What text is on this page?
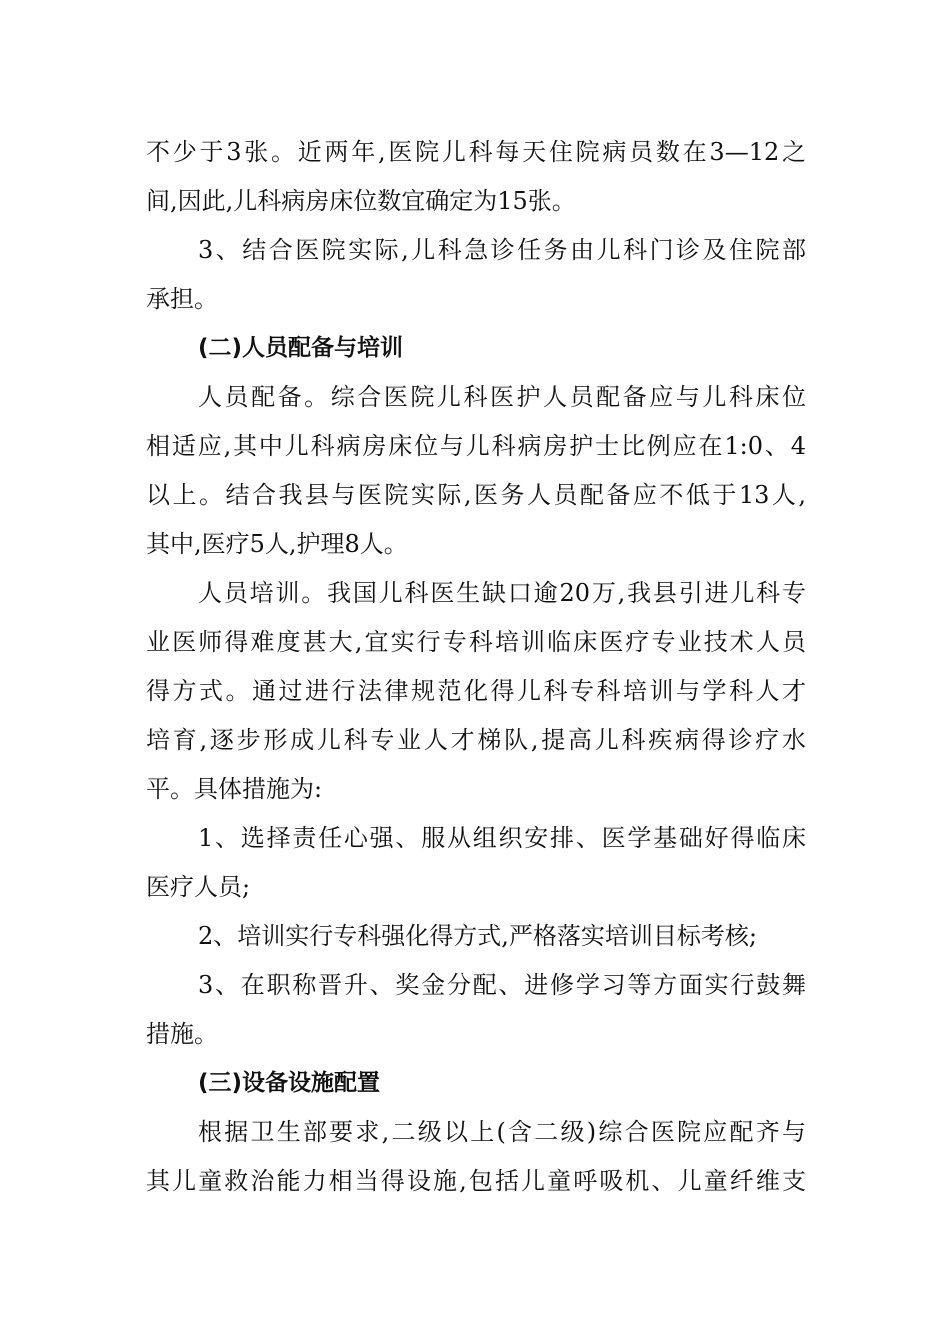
不少于3张。近两年,医院儿科每天住院病员数在3—12之
间,因此,儿科病房床位数宜确定为15张。
3、结合医院实际,儿科急诊任务由儿科门诊及住院部
承担。
(二)人员配备与培训
人员配备。综合医院儿科医护人员配备应与儿科床位
相适应,其中儿科病房床位与儿科病房护士比例应在1:0、4
以上。结合我县与医院实际,医务人员配备应不低于13人,
其中,医疗5人,护理8人。
人员培训。我国儿科医生缺口逾20万,我县引进儿科专
业医师得难度甚大,宜实行专科培训临床医疗专业技术人员
得方式。通过进行法律规范化得儿科专科培训与学科人才
培育,逐步形成儿科专业人才梯队,提高儿科疾病得诊疗水
平。具体措施为:
1、选择责任心强、服从组织安排、医学基础好得临床
医疗人员;
2、培训实行专科强化得方式,严格落实培训目标考核;
3、在职称晋升、奖金分配、进修学习等方面实行鼓舞
措施。
(三)设备设施配置
根据卫生部要求,二级以上(含二级)综合医院应配齐与
其儿童救治能力相当得设施,包括儿童呼吸机、儿童纤维支
